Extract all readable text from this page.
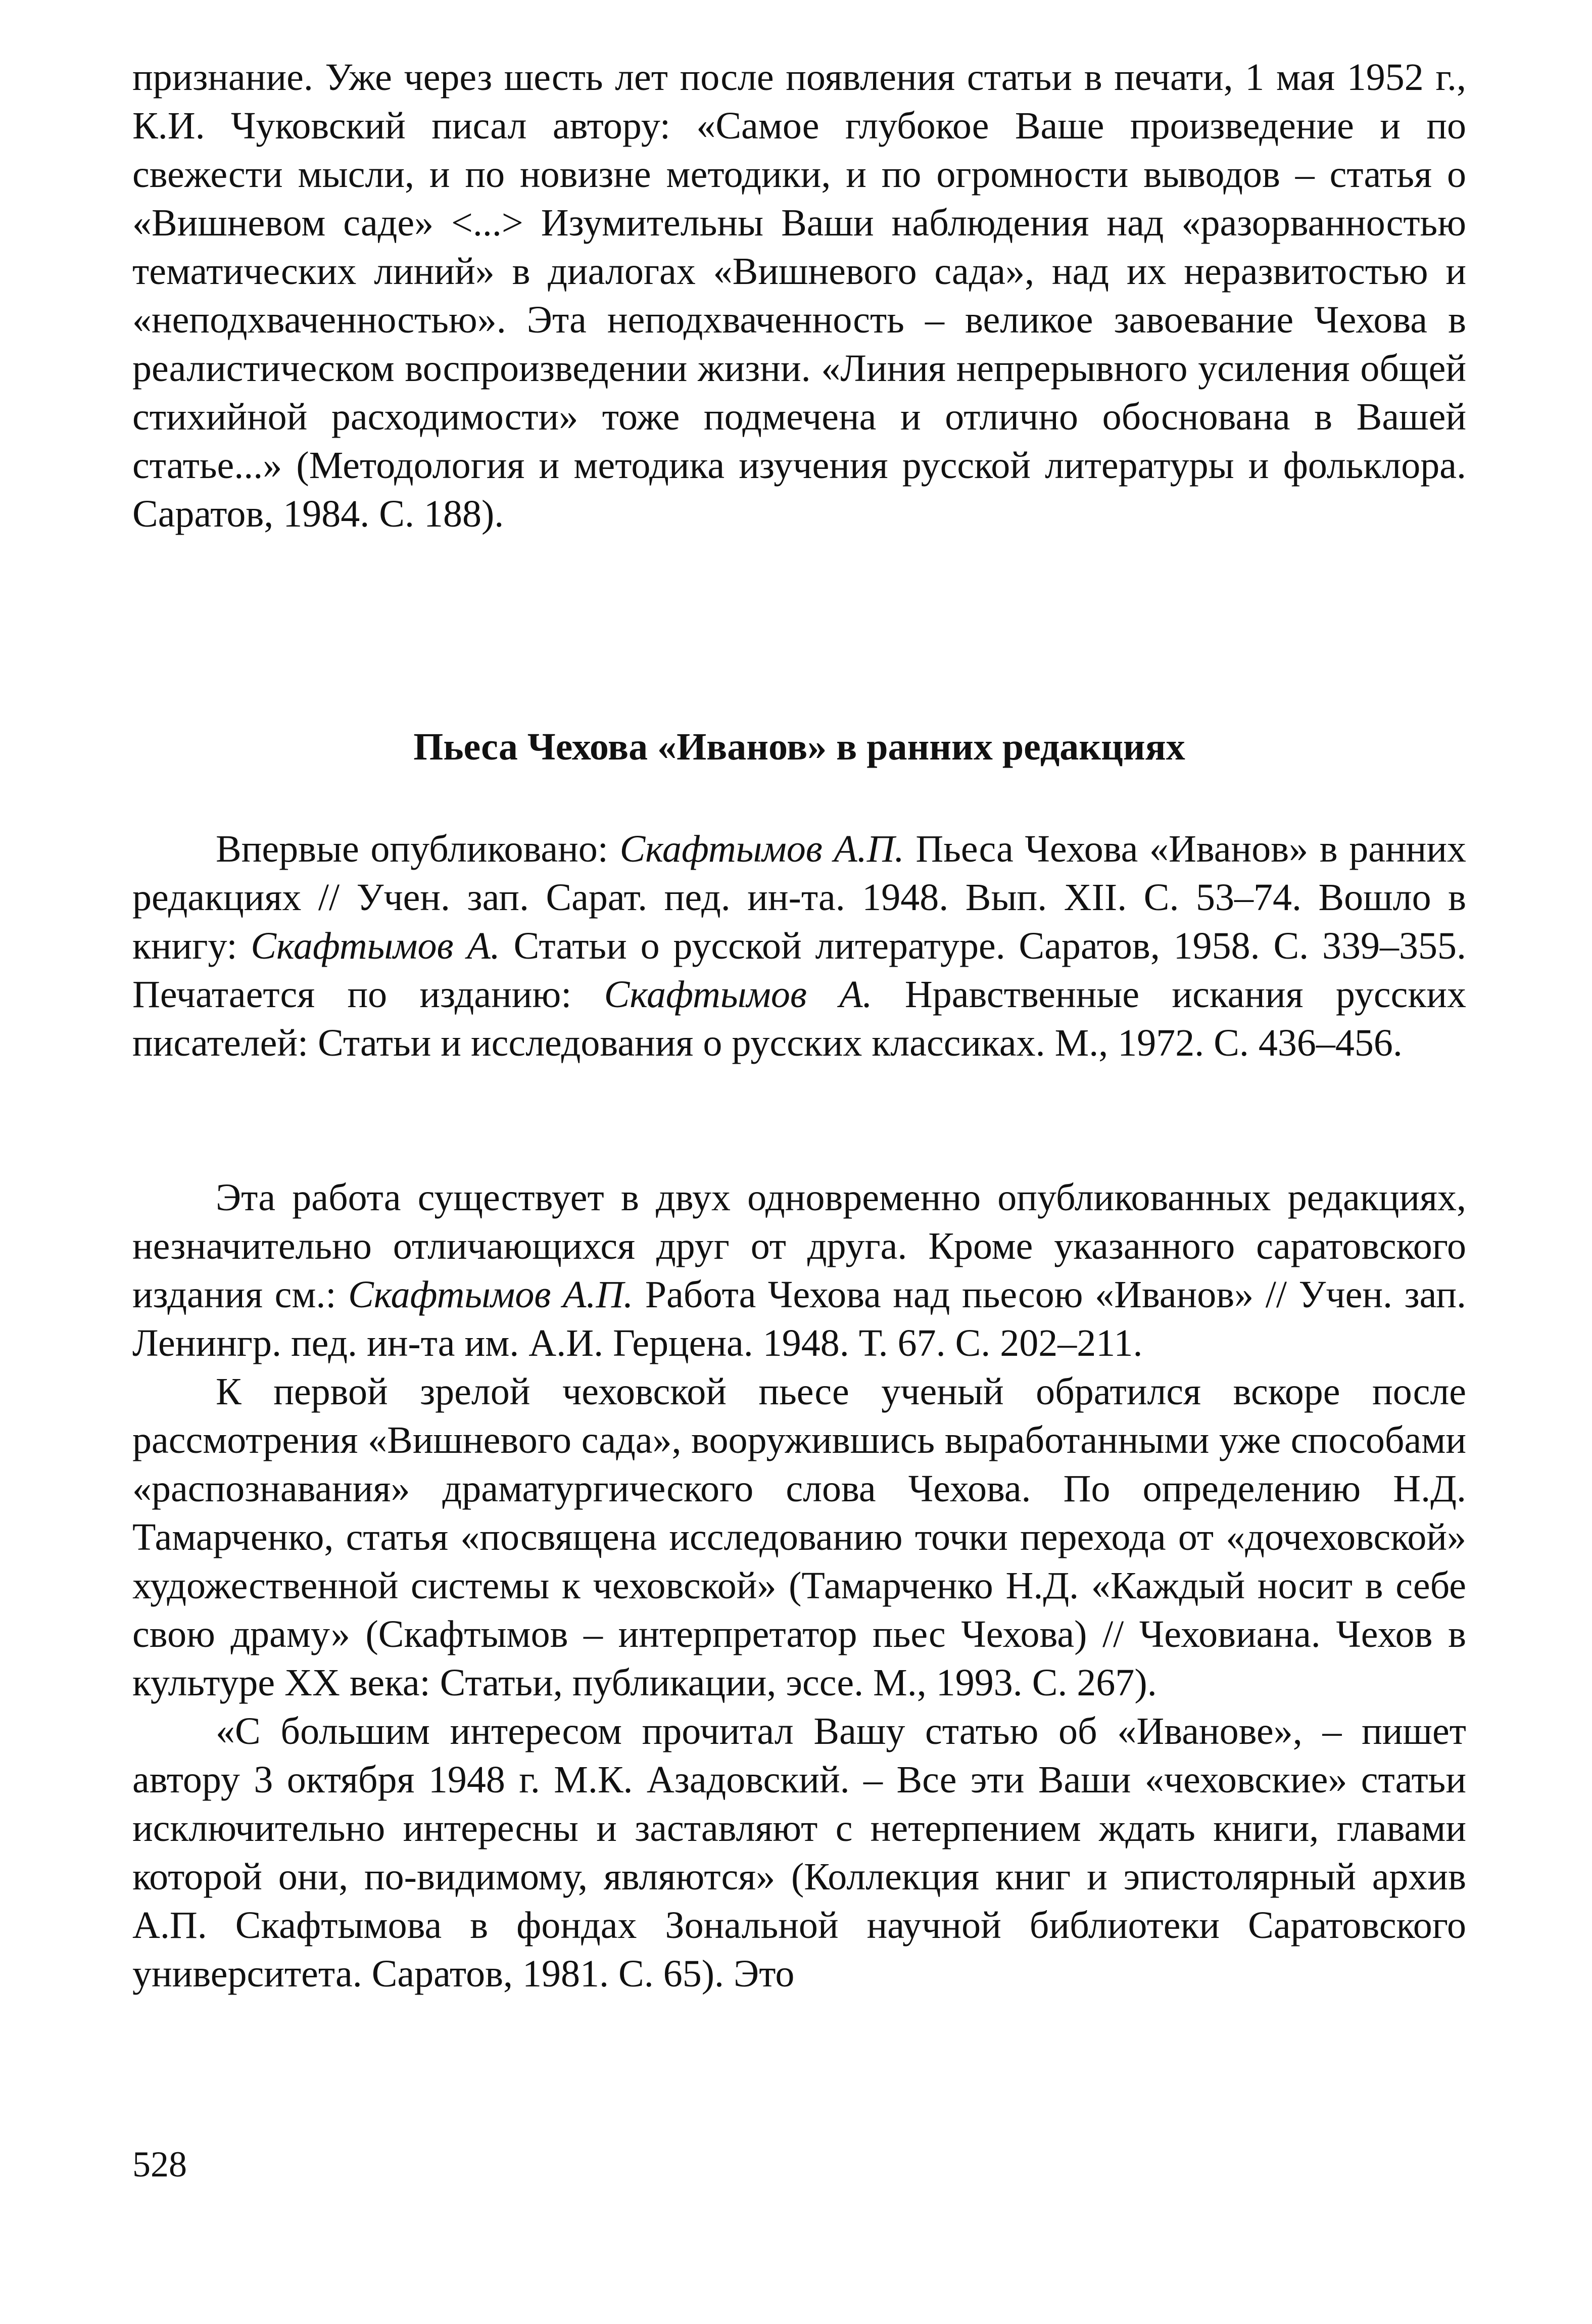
признание. Уже через шесть лет после появления статьи в печати, 1 мая 1952 г., К.И. Чуковский писал автору: «Самое глубокое Ваше произведение и по свежести мысли, и по новизне методики, и по огромности выводов – статья о «Вишневом саде» <...> Изумительны Ваши наблюдения над «разорванностью тематических линий» в диалогах «Вишневого сада», над их неразвитостью и «неподхваченностью». Эта неподхваченность – великое завоевание Чехова в реалистическом воспроизведении жизни. «Линия непрерывного усиления общей стихийной расходимости» тоже подмечена и отлично обоснована в Вашей статье...» (Методология и методика изучения русской литературы и фольклора. Саратов, 1984. С. 188).

Пьеса Чехова «Иванов» в ранних редакциях

Впервые опубликовано: Скафтымов А.П. Пьеса Чехова «Иванов» в ранних редакциях // Учен. зап. Сарат. пед. ин-та. 1948. Вып. XII. С. 53–74. Вошло в книгу: Скафтымов А. Статьи о русской литературе. Саратов, 1958. С. 339–355. Печатается по изданию: Скафтымов А. Нравственные искания русских писателей: Статьи и исследования о русских классиках. М., 1972. С. 436–456.

Эта работа существует в двух одновременно опубликованных редакциях, незначительно отличающихся друг от друга. Кроме указанного саратовского издания см.: Скафтымов А.П. Работа Чехова над пьесою «Иванов» // Учен. зап. Ленингр. пед. ин-та им. А.И. Герцена. 1948. Т. 67. С. 202–211.

К первой зрелой чеховской пьесе ученый обратился вскоре после рассмотрения «Вишневого сада», вооружившись выработанными уже способами «распознавания» драматургического слова Чехова. По определению Н.Д. Тамарченко, статья «посвящена исследованию точки перехода от «дочеховской» художественной системы к чеховской» (Тамарченко Н.Д. «Каждый носит в себе свою драму» (Скафтымов – интерпретатор пьес Чехова) // Чеховиана. Чехов в культуре XX века: Статьи, публикации, эссе. М., 1993. С. 267).

«С большим интересом прочитал Вашу статью об «Иванове», – пишет автору 3 октября 1948 г. М.К. Азадовский. – Все эти Ваши «чеховские» статьи исключительно интересны и заставляют с нетерпением ждать книги, главами которой они, по-видимому, являются» (Коллекция книг и эпистолярный архив А.П. Скафтымова в фондах Зональной научной библиотеки Саратовского университета. Саратов, 1981. С. 65). Это

528
